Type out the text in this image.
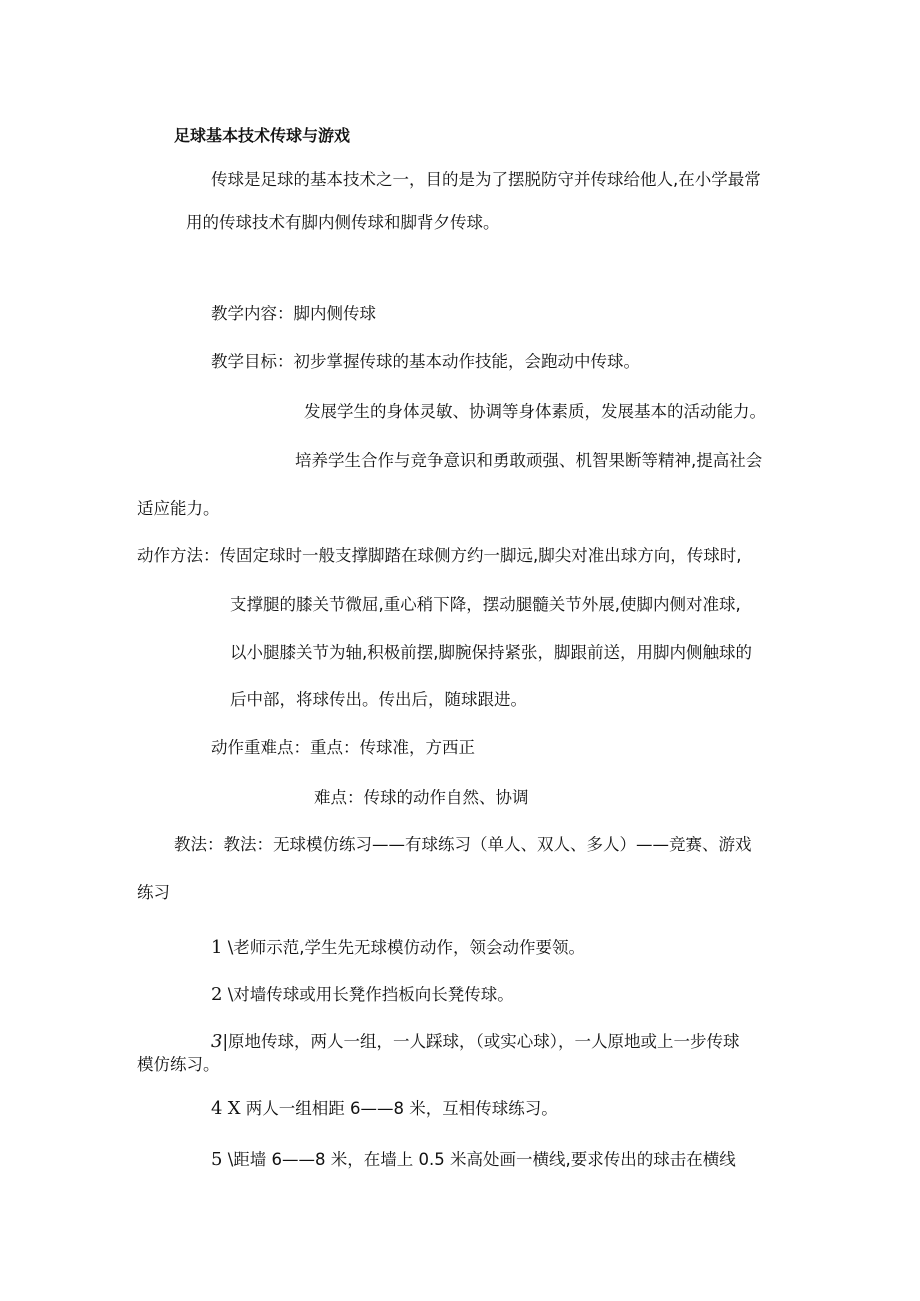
足球基本技术传球与游戏

传球是足球的基本技术之一，目的是为了摆脱防守并传球给他人,在小学最常

用的传球技术有脚内侧传球和脚背夕传球。

教学内容：脚内侧传球

教学目标：初步掌握传球的基本动作技能，会跑动中传球。

发展学生的身体灵敏、协调等身体素质，发展基本的活动能力。

培养学生合作与竞争意识和勇敢顽强、机智果断等精神,提高社会

适应能力。

动作方法：传固定球时一般支撑脚踏在球侧方约一脚远,脚尖对准出球方向，传球时,

支撑腿的膝关节微屈,重心稍下降，摆动腿髓关节外展,使脚内侧对准球,

以小腿膝关节为轴,积极前摆,脚腕保持紧张，脚跟前送，用脚内侧触球的

后中部，将球传出。传出后，随球跟进。

动作重难点：重点：传球准，方西正

难点：传球的动作自然、协调

教法：教法：无球模仿练习——有球练习（单人、双人、多人）——竞赛、游戏

练习

1 \老师示范,学生先无球模仿动作，领会动作要领。

2 \对墙传球或用长凳作挡板向长凳传球。

3|原地传球，两人一组，一人踩球，（或实心球），一人原地或上一步传球

模仿练习。

4 X 两人一组相距 6——8 米，互相传球练习。

5 \距墙 6——8 米，在墙上 0.5 米高处画一横线,要求传出的球击在横线
